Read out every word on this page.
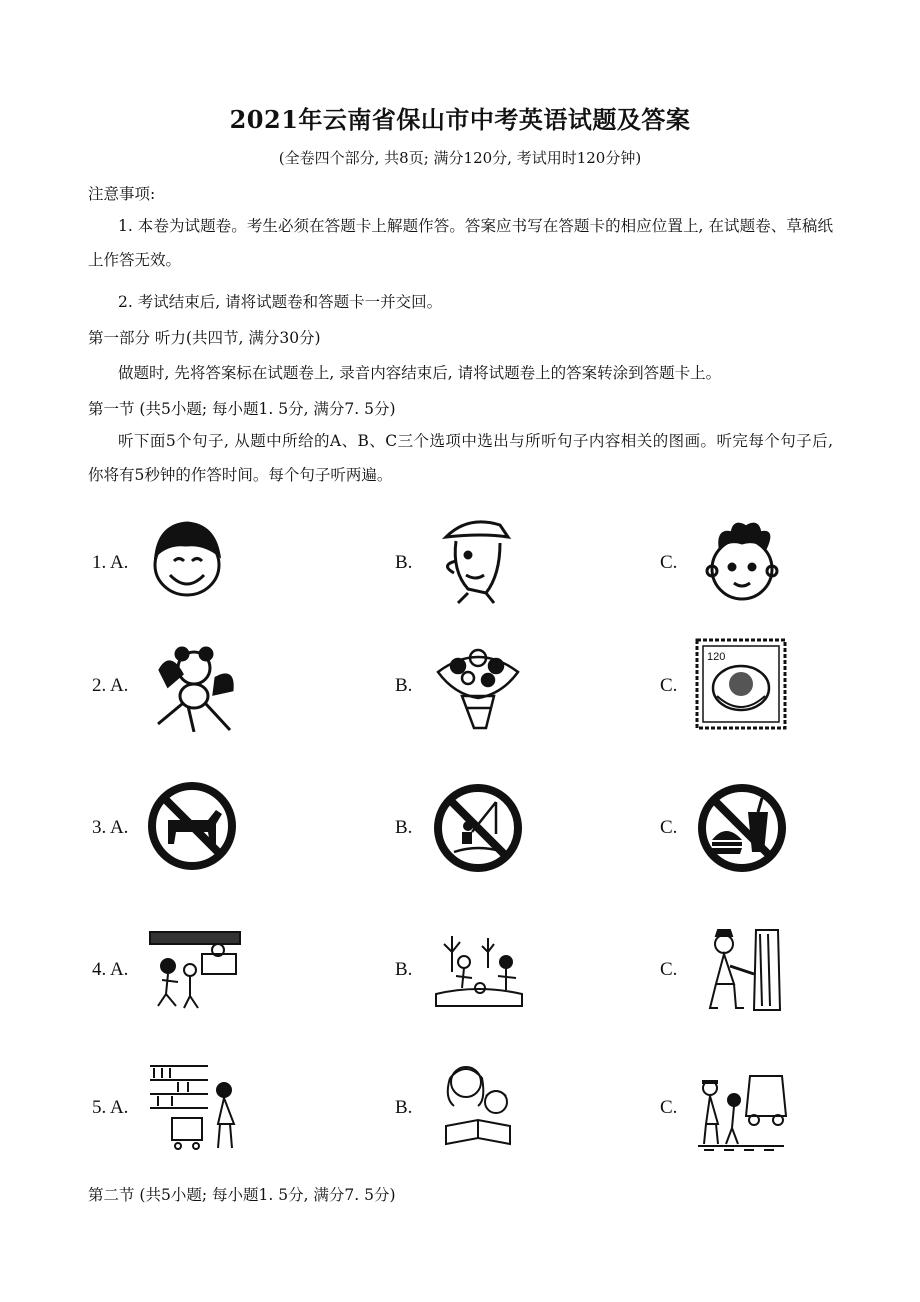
2021年云南省保山市中考英语试题及答案
(全卷四个部分, 共8页; 满分120分, 考试用时120分钟)
注意事项:
1. 本卷为试题卷。考生必须在答题卡上解题作答。答案应书写在答题卡的相应位置上, 在试题卷、草稿纸上作答无效。
2. 考试结束后, 请将试题卷和答题卡一并交回。
第一部分 听力(共四节, 满分30分)
做题时, 先将答案标在试题卷上, 录音内容结束后, 请将试题卷上的答案转涂到答题卡上。
第一节 (共5小题; 每小题1. 5分, 满分7. 5分)
听下面5个句子, 从题中所给的A、B、C三个选项中选出与所听句子内容相关的图画。听完每个句子后, 你将有5秒钟的作答时间。每个句子听两遍。
1. A.	B.	C.
2. A.	B.	C.
120
3. A.	B.	C.
4. A.	B.	C.
5. A.	B.	C.
第二节 (共5小题; 每小题1. 5分, 满分7. 5分)
